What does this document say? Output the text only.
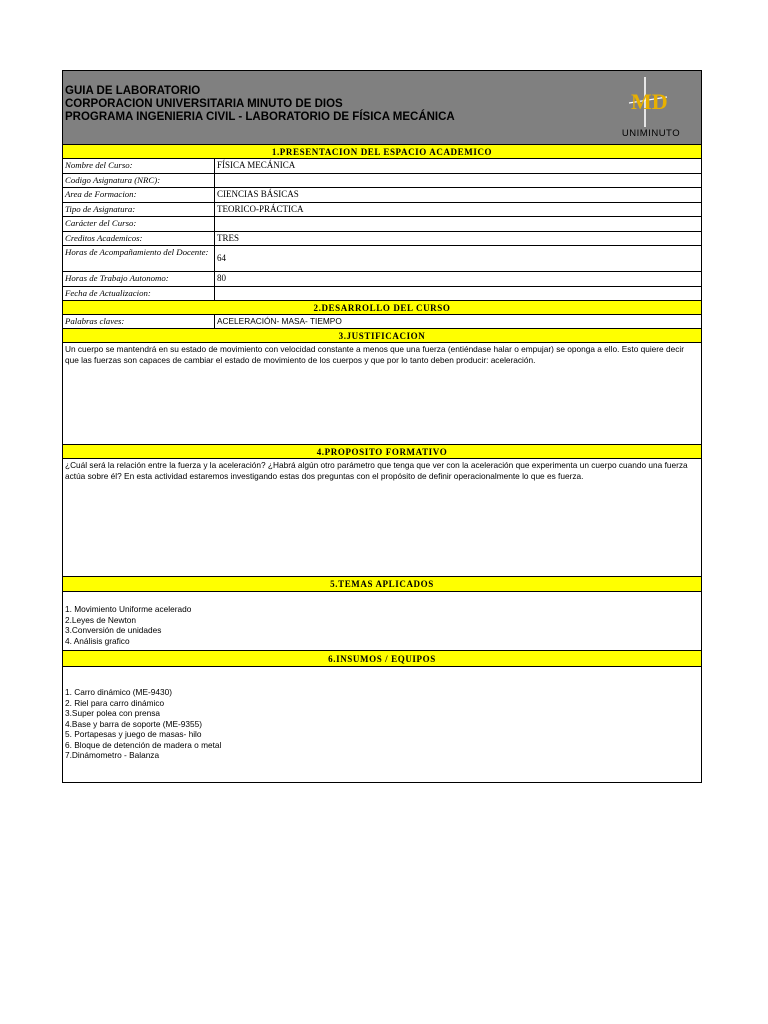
GUIA DE LABORATORIO
CORPORACION UNIVERSITARIA MINUTO DE DIOS
PROGRAMA INGENIERIA CIVIL - LABORATORIO DE FÍSICA MECÁNICA
MD
UNIMINUTO
1.PRESENTACION DEL ESPACIO ACADEMICO
Nombre del Curso:	FÍSICA MECÁNICA
Codigo Asignatura (NRC):
Area de Formacion:	CIENCIAS BÁSICAS
Tipo de Asignatura:	TEORICO-PRÁCTICA
Carácter del Curso:
Creditos Academicos:	TRES
Horas de Acompañamiento del Docente:
64
Horas de Trabajo Autonomo:	80
Fecha de Actualizacion:
2.DESARROLLO DEL CURSO
Palabras claves:	ACELERACIÓN- MASA- TIEMPO
3.JUSTIFICACION
Un cuerpo se mantendrá en su estado de movimiento con velocidad constante a menos que una fuerza (entiéndase halar o empujar) se oponga a ello. Esto quiere decir que las fuerzas son capaces de cambiar el estado de movimiento de los cuerpos y que por lo tanto deben producir: aceleración.
4.PROPOSITO FORMATIVO
¿Cuál será la relación entre la fuerza y la aceleración? ¿Habrá algún otro parámetro que tenga que ver con la aceleración que experimenta un cuerpo cuando una fuerza actúa sobre él? En esta actividad estaremos investigando estas dos preguntas con el propósito de definir operacionalmente lo que es fuerza.
5.TEMAS APLICADOS
1. Movimiento Uniforme acelerado
2.Leyes de Newton
3.Conversión de unidades
4. Análisis grafico
6.INSUMOS / EQUIPOS
1. Carro dinámico (ME-9430)
2. Riel para carro dinámico
3.Super polea con prensa
4.Base y barra de soporte (ME-9355)
5. Portapesas y juego de masas- hilo
6. Bloque de detención de madera o metal
7.Dinámometro - Balanza
